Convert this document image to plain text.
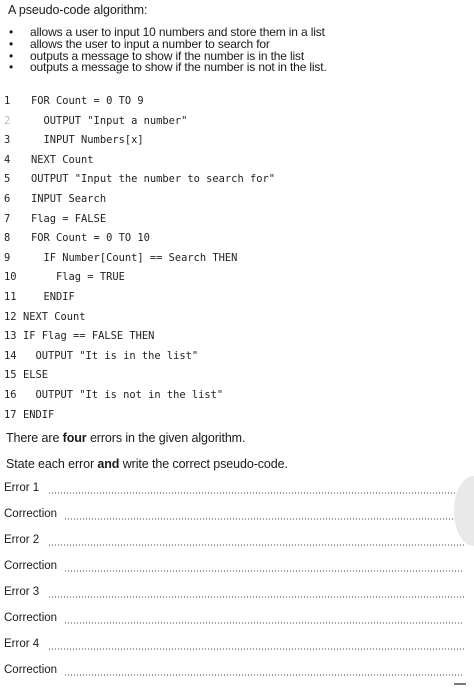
A pseudo-code algorithm:
• allows a user to input 10 numbers and store them in a list
• allows the user to input a number to search for
• outputs a message to show if the number is in the list
• outputs a message to show if the number is not in the list.
1	FOR Count = 0 TO 9
2	OUTPUT "Input a number"
3	INPUT Numbers[x]
4	NEXT Count
5	OUTPUT "Input the number to search for"
6	INPUT Search
7	Flag = FALSE
8	FOR Count = 0 TO 10
9	IF Number[Count] == Search THEN
10	Flag = TRUE
11	ENDIF
12 NEXT Count
13 IF Flag == FALSE THEN
14 OUTPUT "It is in the list"
15 ELSE
16 OUTPUT "It is not in the list"
17 ENDIF
There are four errors in the given algorithm.
State each error and write the correct pseudo-code.
Error 1
Correction
Error 2
Correction
Error 3
Correction
Error 4
Correction
